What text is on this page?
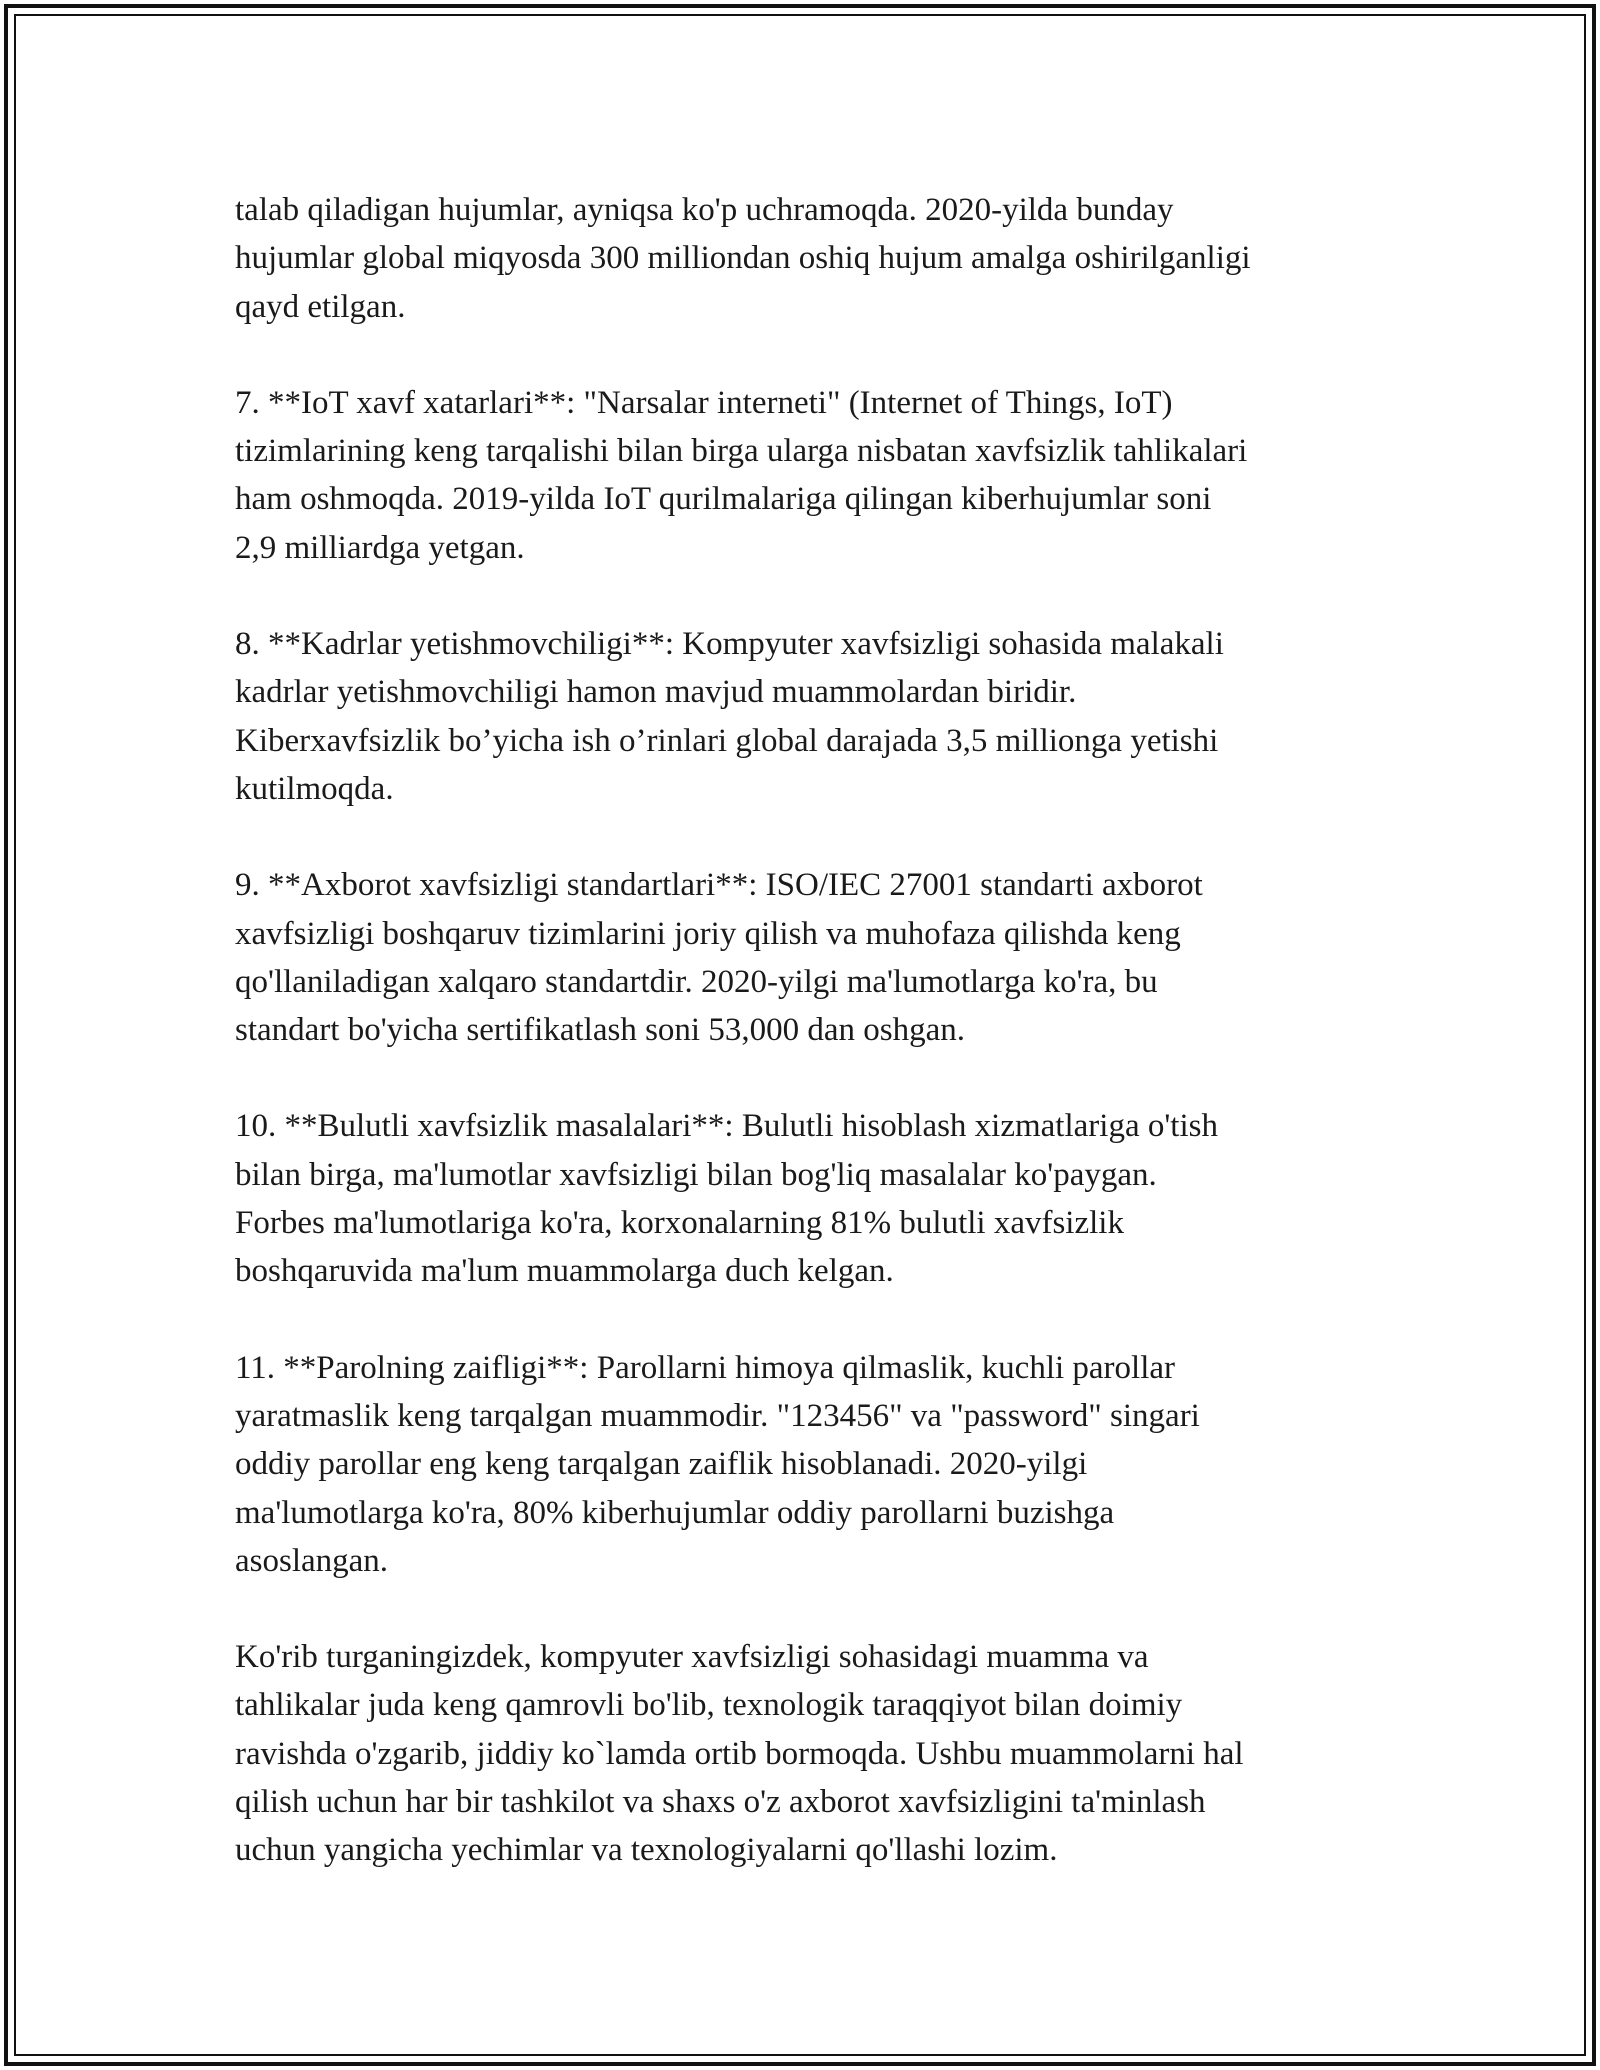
talab qiladigan hujumlar, ayniqsa ko'p uchramoqda. 2020-yilda bunday
hujumlar global miqyosda 300 milliondan oshiq hujum amalga oshirilganligi
qayd etilgan.

7. **IoT xavf xatarlari**: "Narsalar interneti" (Internet of Things, IoT)
tizimlarining keng tarqalishi bilan birga ularga nisbatan xavfsizlik tahlikalari
ham oshmoqda. 2019-yilda IoT qurilmalariga qilingan kiberhujumlar soni
2,9 milliardga yetgan.

8. **Kadrlar yetishmovchiligi**: Kompyuter xavfsizligi sohasida malakali
kadrlar yetishmovchiligi hamon mavjud muammolardan biridir.
Kiberxavfsizlik bo’yicha ish o’rinlari global darajada 3,5 millionga yetishi
kutilmoqda.

9. **Axborot xavfsizligi standartlari**: ISO/IEC 27001 standarti axborot
xavfsizligi boshqaruv tizimlarini joriy qilish va muhofaza qilishda keng
qo'llaniladigan xalqaro standartdir. 2020-yilgi ma'lumotlarga ko'ra, bu
standart bo'yicha sertifikatlash soni 53,000 dan oshgan.

10. **Bulutli xavfsizlik masalalari**: Bulutli hisoblash xizmatlariga o'tish
bilan birga, ma'lumotlar xavfsizligi bilan bog'liq masalalar ko'paygan.
Forbes ma'lumotlariga ko'ra, korxonalarning 81% bulutli xavfsizlik
boshqaruvida ma'lum muammolarga duch kelgan.

11. **Parolning zaifligi**: Parollarni himoya qilmaslik, kuchli parollar
yaratmaslik keng tarqalgan muammodir. "123456" va "password" singari
oddiy parollar eng keng tarqalgan zaiflik hisoblanadi. 2020-yilgi
ma'lumotlarga ko'ra, 80% kiberhujumlar oddiy parollarni buzishga
asoslangan.

Ko'rib turganingizdek, kompyuter xavfsizligi sohasidagi muamma va
tahlikalar juda keng qamrovli bo'lib, texnologik taraqqiyot bilan doimiy
ravishda o'zgarib, jiddiy ko`lamda ortib bormoqda. Ushbu muammolarni hal
qilish uchun har bir tashkilot va shaxs o'z axborot xavfsizligini ta'minlash
uchun yangicha yechimlar va texnologiyalarni qo'llashi lozim.
